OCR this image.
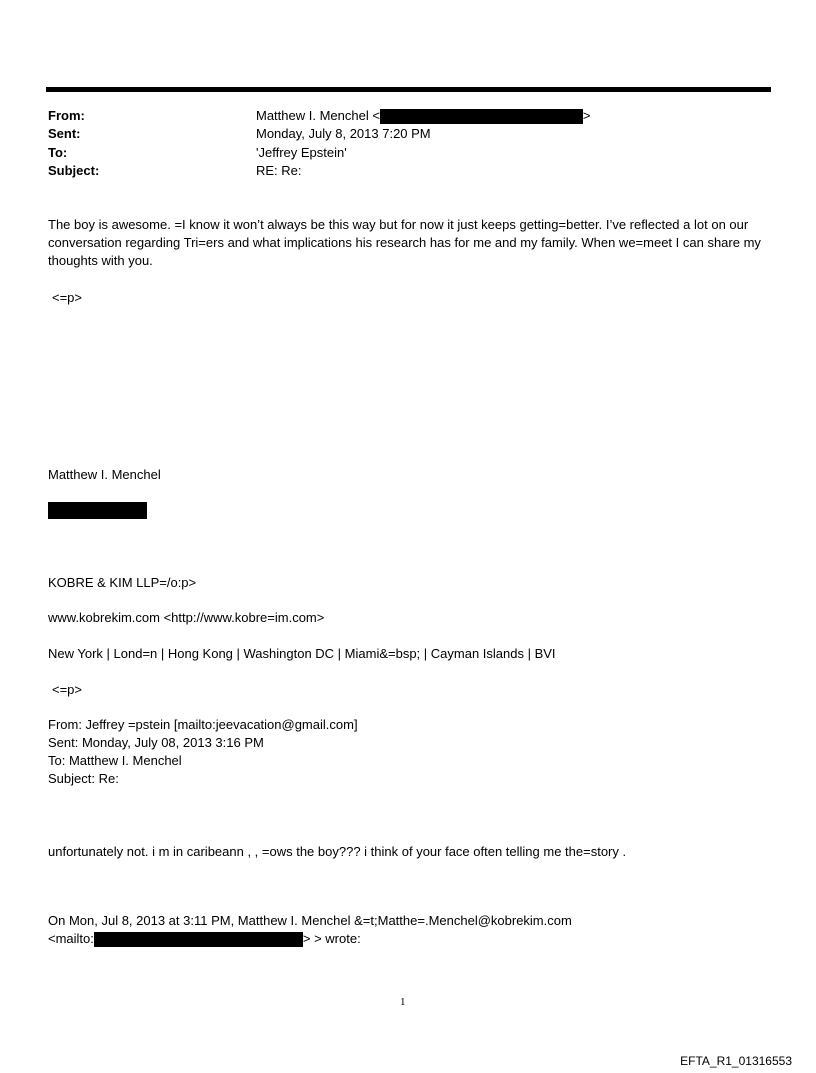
From:	Matthew I. Menchel <	>
Sent:	Monday, July 8, 2013 7:20 PM
To:	'Jeffrey Epstein'
Subject:	RE: Re:
The boy is awesome. =I know it won’t always be this way but for now it just keeps getting=better. I’ve reflected a lot on our conversation regarding Tri=ers and what implications his research has for me and my family. When we=meet I can share my thoughts with you.
<=p>
Matthew I. Menchel
KOBRE & KIM LLP=/o:p>
www.kobrekim.com <http://www.kobre=im.com>
New York | Lond=n | Hong Kong | Washington DC | Miami&=bsp; | Cayman Islands | BVI
<=p>
From: Jeffrey =pstein [mailto:jeevacation@gmail.com]
Sent: Monday, July 08, 2013 3:16 PM
To: Matthew I. Menchel
Subject: Re:
unfortunately not. i m in caribeann , , =ows the boy??? i think of your face often telling me the=story .
On Mon, Jul 8, 2013 at 3:11 PM, Matthew I. Menchel &=t;Matthe=.Menchel@kobrekim.com
<mailto:	> > wrote:
1
EFTA_R1_01316553
